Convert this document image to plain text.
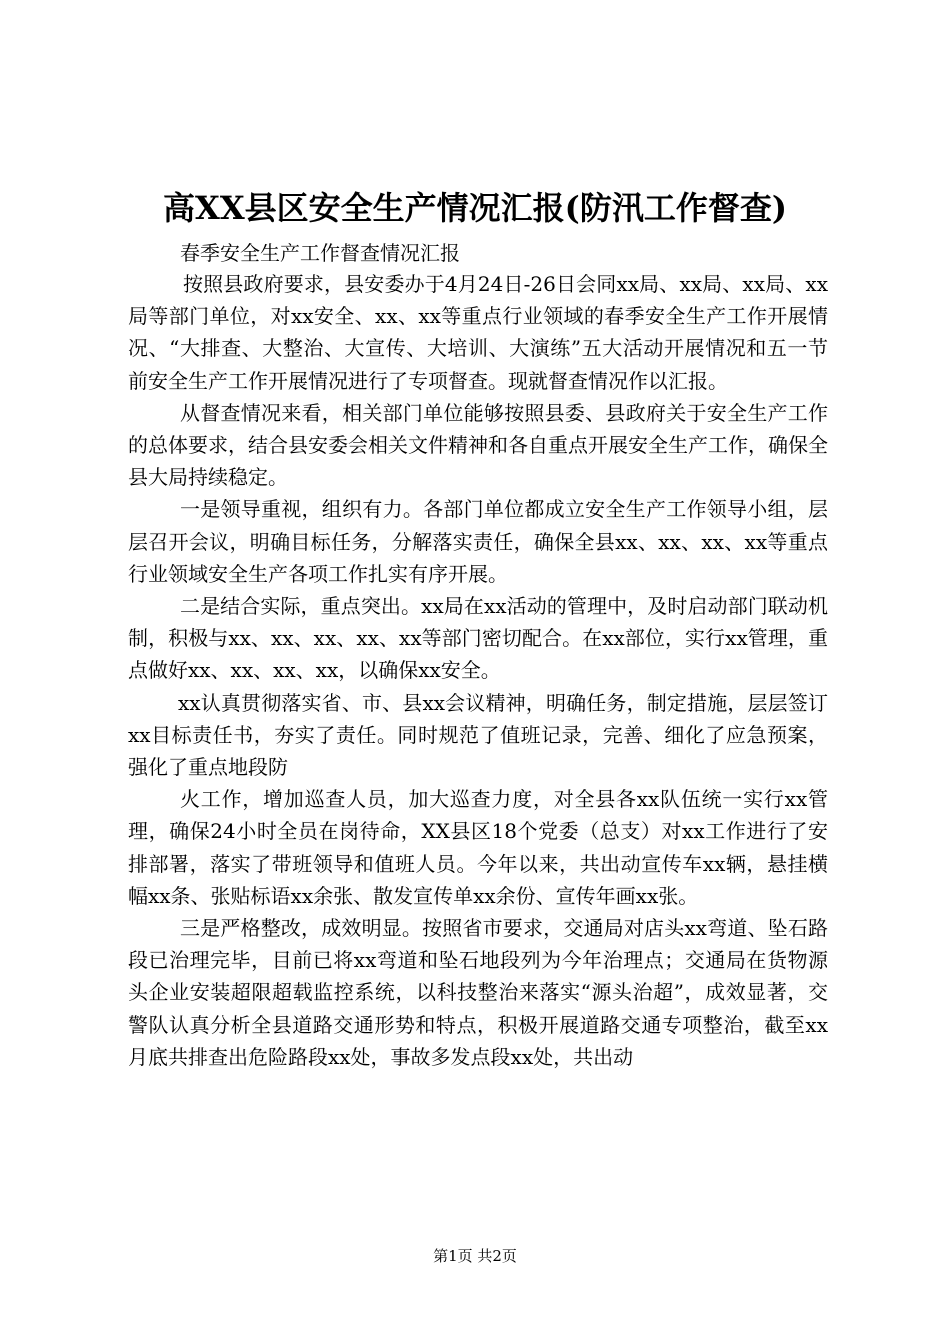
高XX县区安全生产情况汇报(防汛工作督查)

春季安全生产工作督查情况汇报

按照县政府要求，县安委办于4月24日-26日会同xx局、xx局、xx局、xx局等部门单位，对xx安全、xx、xx等重点行业领域的春季安全生产工作开展情况、“大排查、大整治、大宣传、大培训、大演练”五大活动开展情况和五一节前安全生产工作开展情况进行了专项督查。现就督查情况作以汇报。

从督查情况来看，相关部门单位能够按照县委、县政府关于安全生产工作的总体要求，结合县安委会相关文件精神和各自重点开展安全生产工作，确保全县大局持续稳定。

一是领导重视，组织有力。各部门单位都成立安全生产工作领导小组，层层召开会议，明确目标任务，分解落实责任，确保全县xx、xx、xx、xx等重点行业领域安全生产各项工作扎实有序开展。

二是结合实际，重点突出。xx局在xx活动的管理中，及时启动部门联动机制，积极与xx、xx、xx、xx、xx等部门密切配合。在xx部位，实行xx管理，重点做好xx、xx、xx、xx，以确保xx安全。

xx认真贯彻落实省、市、县xx会议精神，明确任务，制定措施，层层签订xx目标责任书，夯实了责任。同时规范了值班记录，完善、细化了应急预案，强化了重点地段防

火工作，增加巡查人员，加大巡查力度，对全县各xx队伍统一实行xx管理，确保24小时全员在岗待命，XX县区18个党委（总支）对xx工作进行了安排部署，落实了带班领导和值班人员。今年以来，共出动宣传车xx辆，悬挂横幅xx条、张贴标语xx余张、散发宣传单xx余份、宣传年画xx张。

三是严格整改，成效明显。按照省市要求，交通局对店头xx弯道、坠石路段已治理完毕，目前已将xx弯道和坠石地段列为今年治理点；交通局在货物源头企业安装超限超载监控系统，以科技整治来落实“源头治超”，成效显著，交警队认真分析全县道路交通形势和特点，积极开展道路交通专项整治，截至xx月底共排查出危险路段xx处，事故多发点段xx处，共出动

第1页 共2页
